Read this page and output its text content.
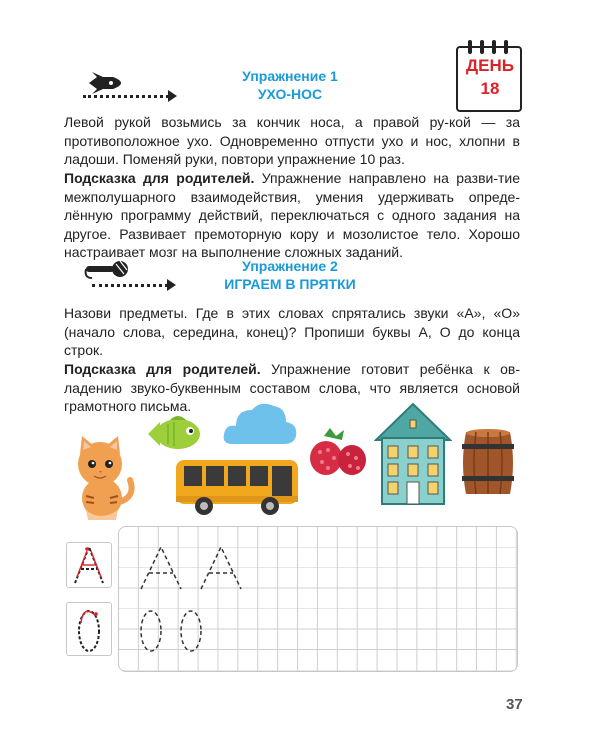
Упражнение 1
УХО-НОС
ДЕНЬ
18
Левой рукой возьмись за кончик носа, а правой ру-кой — за противоположное ухо. Одновременно отпусти ухо и нос, хлопни в ладоши. Поменяй руки, повтори упражнение 10 раз.
Подсказка для родителей. Упражнение направлено на разви-тие межполушарного взаимодействия, умения удерживать опреде-лённую программу действий, переключаться с одного задания на другое. Развивает премоторную кору и мозолистое тело. Хорошо настраивает мозг на выполнение сложных заданий.
Упражнение 2
ИГРАЕМ В ПРЯТКИ
Назови предметы. Где в этих словах спрятались звуки «А», «О» (начало слова, середина, конец)? Пропиши буквы А, О до конца строк.
Подсказка для родителей. Упражнение готовит ребёнка к ов-ладению звуко-буквенным составом слова, что является основой грамотного письма.
37
